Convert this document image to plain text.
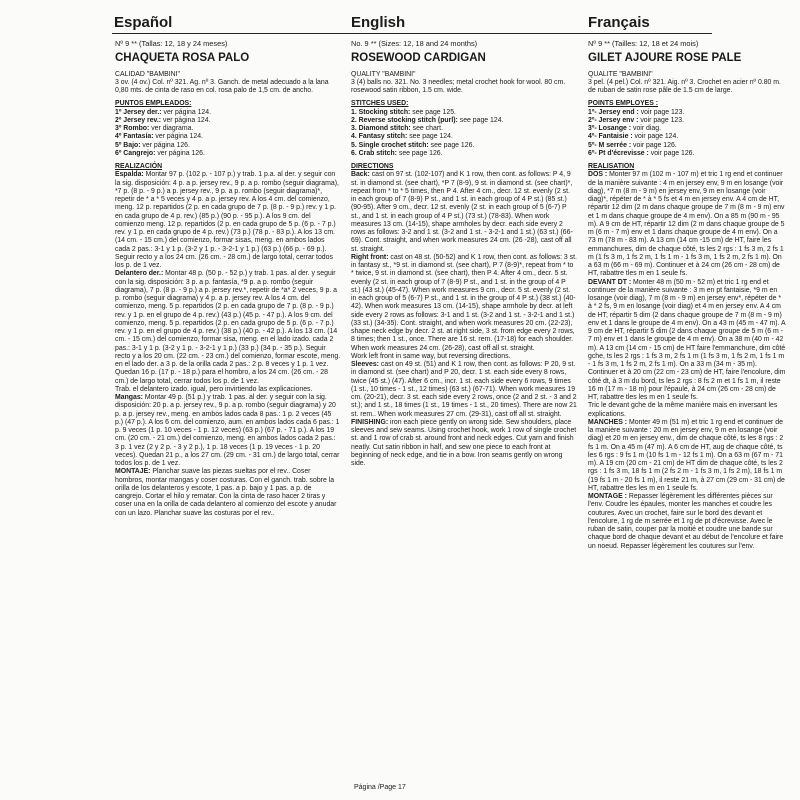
Español	English	Français

Nº 9 ** (Tallas: 12, 18 y 24 meses)

CHAQUETA ROSA PALO

CALIDAD "BAMBINI"

3 ov. (4 ov.) Col. nº 321. Ag. nº 3. Ganch. de metal adecuado a la lana 0,80 mts. de cinta de raso en col. rosa palo de 1,5 cm. de ancho.

PUNTOS EMPLEADOS:

1º Jersey der.: ver página 124.

2º Jersey rev.: ver página 124.

3º Rombo: ver diagrama.

4º Fantasía: ver página 124.

5º Bajo: ver página 126.

6º Cangrejo: ver página 126.

REALIZACIÓN

Espalda: Montar 97 p. (102 p. - 107 p.) y trab. 1 p.a. al der. y seguir con la sig. disposición: 4 p. a p. jersey rev., 9 p. a p. rombo (seguir diagrama), *7 p. (8 p. - 9 p.) a p. jersey rev., 9 p. a p. rombo (seguir diagrama)*, repetir de * a * 5 veces y 4 p. a p. jersey rev. A los 4 cm. del comienzo, meng. 12 p. repartidos (2 p. en cada grupo de 7 p. (8 p. - 9 p.) rev. y 1 p. en cada grupo de 4 p. rev.) (85 p.) (90 p. - 95 p.). A los 9 cm. del comienzo meng. 12 p. repartidos (2 p. en cada grupo de 5 p. (6 p. - 7 p.) rev. y 1 p. en cada grupo de 4 p. rev.) (73 p.) (78 p. - 83 p.). A los 13 cm. (14 cm. - 15 cm.) del comienzo, formar sisas, meng. en ambos lados cada 2 pas.: 3-1 y 1 p. (3-2 y 1 p. - 3-2-1 y 1 p.) (63 p.) (66 p. - 69 p.). Seguir recto y a los 24 cm. (26 cm. - 28 cm.) de largo total, cerrar todos los p. de 1 vez.

Delantero der.: Montar 48 p. (50 p. - 52 p.) y trab. 1 pas. al der. y seguir con la sig. disposición: 3 p. a p. fantasía, *9 p. a p. rombo (seguir diagrama), 7 p. (8 p. - 9 p.) a p. jersey rev.*, repetir de *a* 2 veces, 9 p. a p. rombo (seguir diagrama) y 4 p. a p. jersey rev. A los 4 cm. del comienzo, meng. 5 p. repartidos (2 p. en cada grupo de 7 p. (8 p. - 9 p.) rev. y 1 p. en el grupo de 4 p. rev.) (43 p.) (45 p. - 47 p.). A los 9 cm. del comienzo, meng. 5 p. repartidos (2 p. en cada grupo de 5 p. (6 p. - 7 p.) rev. y 1 p. en el grupo de 4 p. rev.) (38 p.) (40 p. - 42 p.). A los 13 cm. (14 cm. - 15 cm.) del comienzo, formar sisa, meng. en el lado izado. cada 2 pas.: 3-1 y 1 p. (3-2 y 1 p. - 3-2-1 y 1 p.) (33 p.) (34 p. - 35 p.). Seguir recto y a los 20 cm. (22 cm. - 23 cm.) del comienzo, formar escote, meng. en el lado der. a 3 p. de la orilla cada 2 pas.: 2 p. 8 veces y 1 p. 1 vez. Quedan 16 p. (17 p. - 18 p.) para el hombro, a los 24 cm. (26 cm. - 28 cm.) de largo total, cerrar todos los p. de 1 vez.

Trab. el delantero izado. igual, pero invirtiendo las explicaciones.

Mangas: Montar 49 p. (51 p.) y trab. 1 pas. al der. y seguir con la sig. disposición: 20 p. a p. jersey rev., 9 p. a p. rombo (seguir diagrama) y 20 p. a p. jersey rev., meng. en ambos lados cada 8 pas.: 1 p. 2 veces (45 p.) (47 p.). A los 6 cm. del comienzo, aum. en ambos lados cada 6 pas.: 1 p. 9 veces (1 p. 10 veces - 1 p. 12 veces) (63 p.) (67 p. - 71 p.). A los 19 cm. (20 cm. - 21 cm.) del comienzo, meng. en ambos lados cada 2 pas.: 3 p. 1 vez (2 y 2 p. - 3 y 2 p.), 1 p. 18 veces (1 p. 19 veces - 1 p. 20 veces). Quedan 21 p., a los 27 cm. (29 cm. - 31 cm.) de largo total, cerrar todos los p. de 1 vez.

MONTAJE: Planchar suave las piezas sueltas por el rev.. Coser hombros, montar mangas y coser costuras. Con el ganch. trab. sobre la orilla de los delanteros y escote, 1 pas. a p. bajo y 1 pas. a p. de cangrejo. Cortar el hilo y rematar. Con la cinta de raso hacer 2 tiras y coser una en la orilla de cada delantero al comienzo del escote y anudar con un lazo. Planchar suave las costuras por el rev..

No. 9 ** (Sizes: 12, 18 and 24 months)

ROSEWOOD CARDIGAN

QUALITY "BAMBINI"

3 (4) balls no. 321. No. 3 needles; metal crochet hook for wool. 80 cm. rosewood satin ribbon, 1.5 cm. wide.

STITCHES USED:

1. Stocking stitch: see page 125.

2. Reverse stocking stitch (purl): see page 124.

3. Diamond stitch: see chart.

4. Fantasy stitch: see page 124.

5. Single crochet stitch: see page 126.

6. Crab stitch: see page 126.

DIRECTIONS

Back: cast on 97 st. (102-107) and K 1 row, then cont. as follows: P 4, 9 st. in diamond st. (see chart), *P 7 (8-9), 9 st. in diamond st. (see chart)*, repeat from * to * 5 times, then P 4. After 4 cm., decr. 12 st. evenly (2 st. in each group of 7 (8-9) P st., and 1 st. in each group of 4 P st.) (85 st.) (90-95). After 9 cm., decr. 12 st. evenly (2 st. in each group of 5 (6-7) P st., and 1 st. in each group of 4 P st.) (73 st.) (78-83). When work measures 13 cm. (14-15), shape armholes by decr. each side every 2 rows as follows: 3-2 and 1 st. (3-2 and 1 st. - 3-2-1 and 1 st.) (63 st.) (66-69). Cont. straight, and when work measures 24 cm. (26 -28), cast off all st. straight.

Right front: cast on 48 st. (50-52) and K 1 row, then cont. as follows: 3 st. in fantasy st., *9 st. in diamond st. (see chart), P 7 (8-9)*, repeat from * to * twice, 9 st. in diamond st. (see chart), then P 4. After 4 cm., decr. 5 st. evenly (2 st. in each group of 7 (8-9) P st., and 1 st. in the group of 4 P st.) (43 st.) (45-47). When work measures 9 cm., decr. 5 st. evenly (2 st. in each group of 5 (6-7) P st., and 1 st. in the group of 4 P st.) (38 st.) (40-42). When work measures 13 cm. (14-15), shape armhole by decr. at left side every 2 rows as follows: 3-1 and 1 st. (3-2 and 1 st. - 3-2-1 and 1 st.) (33 st.) (34-35). Cont. straight, and when work measures 20 cm. (22-23), shape neck edge by decr. 2 st. at right side, 3 st. from edge every 2 rows, 8 times; then 1 st., once. There are 16 st. rem. (17-18) for each shoulder. When work measures 24 cm. (26-28), cast off all st. straight.

Work left front in same way, but reversing directions.

Sleeves: cast on 49 st. (51) and K 1 row, then cont. as follows: P 20, 9 st. in diamond st. (see chart) and P 20, decr. 1 st. each side every 8 rows, twice (45 st.) (47). After 6 cm., incr. 1 st. each side every 6 rows, 9 times (1 st., 10 times - 1 st., 12 times) (63 st.) (67-71). When work measures 19 cm. (20-21), decr. 3 st. each side every 2 rows, once (2 and 2 st. - 3 and 2 st.); and 1 st., 18 times (1 st., 19 times - 1 st., 20 times). There are now 21 st. rem.. When work measures 27 cm. (29-31), cast off all st. straight.

FINISHING: iron each piece gently on wrong side. Sew shoulders, place sleeves and sew seams. Using crochet hook, work 1 row of single crochet st. and 1 row of crab st. around front and neck edges. Cut yarn and finish neatly. Cut satin ribbon in half, and sew one piece to each front at beginning of neck edge, and tie in a bow. Iron seams gently on wrong side.

Nº 9 ** (Tailles: 12, 18 et 24 mois)

GILET AJOURE ROSE PALE

QUALITE "BAMBINI"

3 pel. (4 pel.) Col. nº 321. Aig. nº 3. Crochet en acier nº 0.80 m. de ruban de satin rose pâle de 1.5 cm de large.

POINTS EMPLOYES :

1º- Jersey end : voir page 123.

2º- Jersey env : voir page 123.

3º- Losange : voir diag.

4º- Fantaisie : voir page 124.

5º- M serrée : voir page 126.

6º- Pt d'écrevisse : voir page 126.

REALISATION

DOS : Monter 97 m (102 m - 107 m) et tric 1 rg end et continuer de la manière suivante : 4 m en jersey env, 9 m en losange (voir diag), *7 m (8 m - 9 m) en jersey env, 9 m en losange (voir diag)*, répéter de * à * 5 fs et 4 m en jersey env. A 4 cm de HT, répartir 12 dim (2 m dans chaque groupe de 7 m (8 m - 9 m) env et 1 m dans chaque groupe de 4 m env). On a 85 m (90 m - 95 m). A 9 cm de HT, répartir 12 dim (2 m dans chaque groupe de 5 m (6 m - 7 m) env et 1 dans chaque groupe de 4 m env). On a 73 m (78 m - 83 m). A 13 cm (14 cm -15 cm) de HT, faire les emmanchures, dim de chaque côté, ts les 2 rgs : 1 fs 3 m, 2 fs 1 m (1 fs 3 m, 1 fs 2 m, 1 fs 1 m - 1 fs 3 m, 1 fs 2 m, 2 fs 1 m). On a 63 m (66 m - 69 m). Continuer et à 24 cm (26 cm - 28 cm) de HT, rabattre tles m en 1 seule fs.

DEVANT DT : Monter 48 m (50 m - 52 m) et tric 1 rg end et continuer de la manière suivante : 3 m en pt fantaisie, *9 m en losange (voir diag), 7 m (8 m - 9 m) en jersey env*, répéter de * à * 2 fs, 9 m en losange (voir diag) et 4 m en jersey env. A 4 cm de HT, répartir 5 dim (2 dans chaque groupe de 7 m (8 m - 9 m) env et 1 dans le groupe de 4 m env). On a 43 m (45 m - 47 m). A 9 cm de HT, répartir 5 dim (2 dans chaque groupe de 5 m (6 m - 7 m) env et 1 dans le groupe de 4 m env). On a 38 m (40 m - 42 m). A 13 cm (14 cm - 15 cm) de HT faire l'emmanchure, dim côté gche, ts les 2 rgs : 1 fs 3 m, 2 fs 1 m (1 fs 3 m, 1 fs 2 m, 1 fs 1 m - 1 fs 3 m, 1 fs 2 m, 2 fs 1 m). On a 33 m (34 m - 35 m). Continuer et à 20 cm (22 cm - 23 cm) de HT, faire l'encolure, dim côté dt, à 3 m du bord, ts les 2 rgs : 8 fs 2 m et 1 fs 1 m, il reste 16 m (17 m - 18 m) pour l'épaule, à 24 cm (26 cm - 28 cm) de HT, rabattre tles les m en 1 seule fs.

Tric le devant gche de la même manière mais en inversant les explications.

MANCHES : Monter 49 m (51 m) et tric 1 rg end et continuer de la manière suivante : 20 m en jersey env, 9 m en losange (voir diag) et 20 m en jersey env., dim de chaque côté, ts les 8 rgs : 2 fs 1 m. On a 45 m (47 m). A 6 cm de HT, aug de chaque côté, ts les 6 rgs : 9 fs 1 m (10 fs 1 m - 12 fs 1 m). On a 63 m (67 m - 71 m). A 19 cm (20 cm - 21 cm) de HT dim de chaque côté, ts les 2 rgs : 1 fs 3 m, 18 fs 1 m (2 fs 2 m - 1 fs 3 m, 1 fs 2 m), 18 fs 1 m (19 fs 1 m - 20 fs 1 m), il reste 21 m, à 27 cm (29 cm - 31 cm) de HT, rabattre tles les m en 1 seule fs.

MONTAGE : Repasser légèrement les différentes pièces sur l'env. Coudre les épaules, monter les manches et coudre les coutures. Avec un crochet, faire sur le bord des devant et l'encolure, 1 rg de m serrée et 1 rg de pt d'écrevisse. Avec le ruban de satin, couper par la moitié et coudre une bande sur chaque bord de chaque devant et au début de l'encolure et faire un noeud. Repasser légèrement les coutures sur l'env.

Página /Page 17
